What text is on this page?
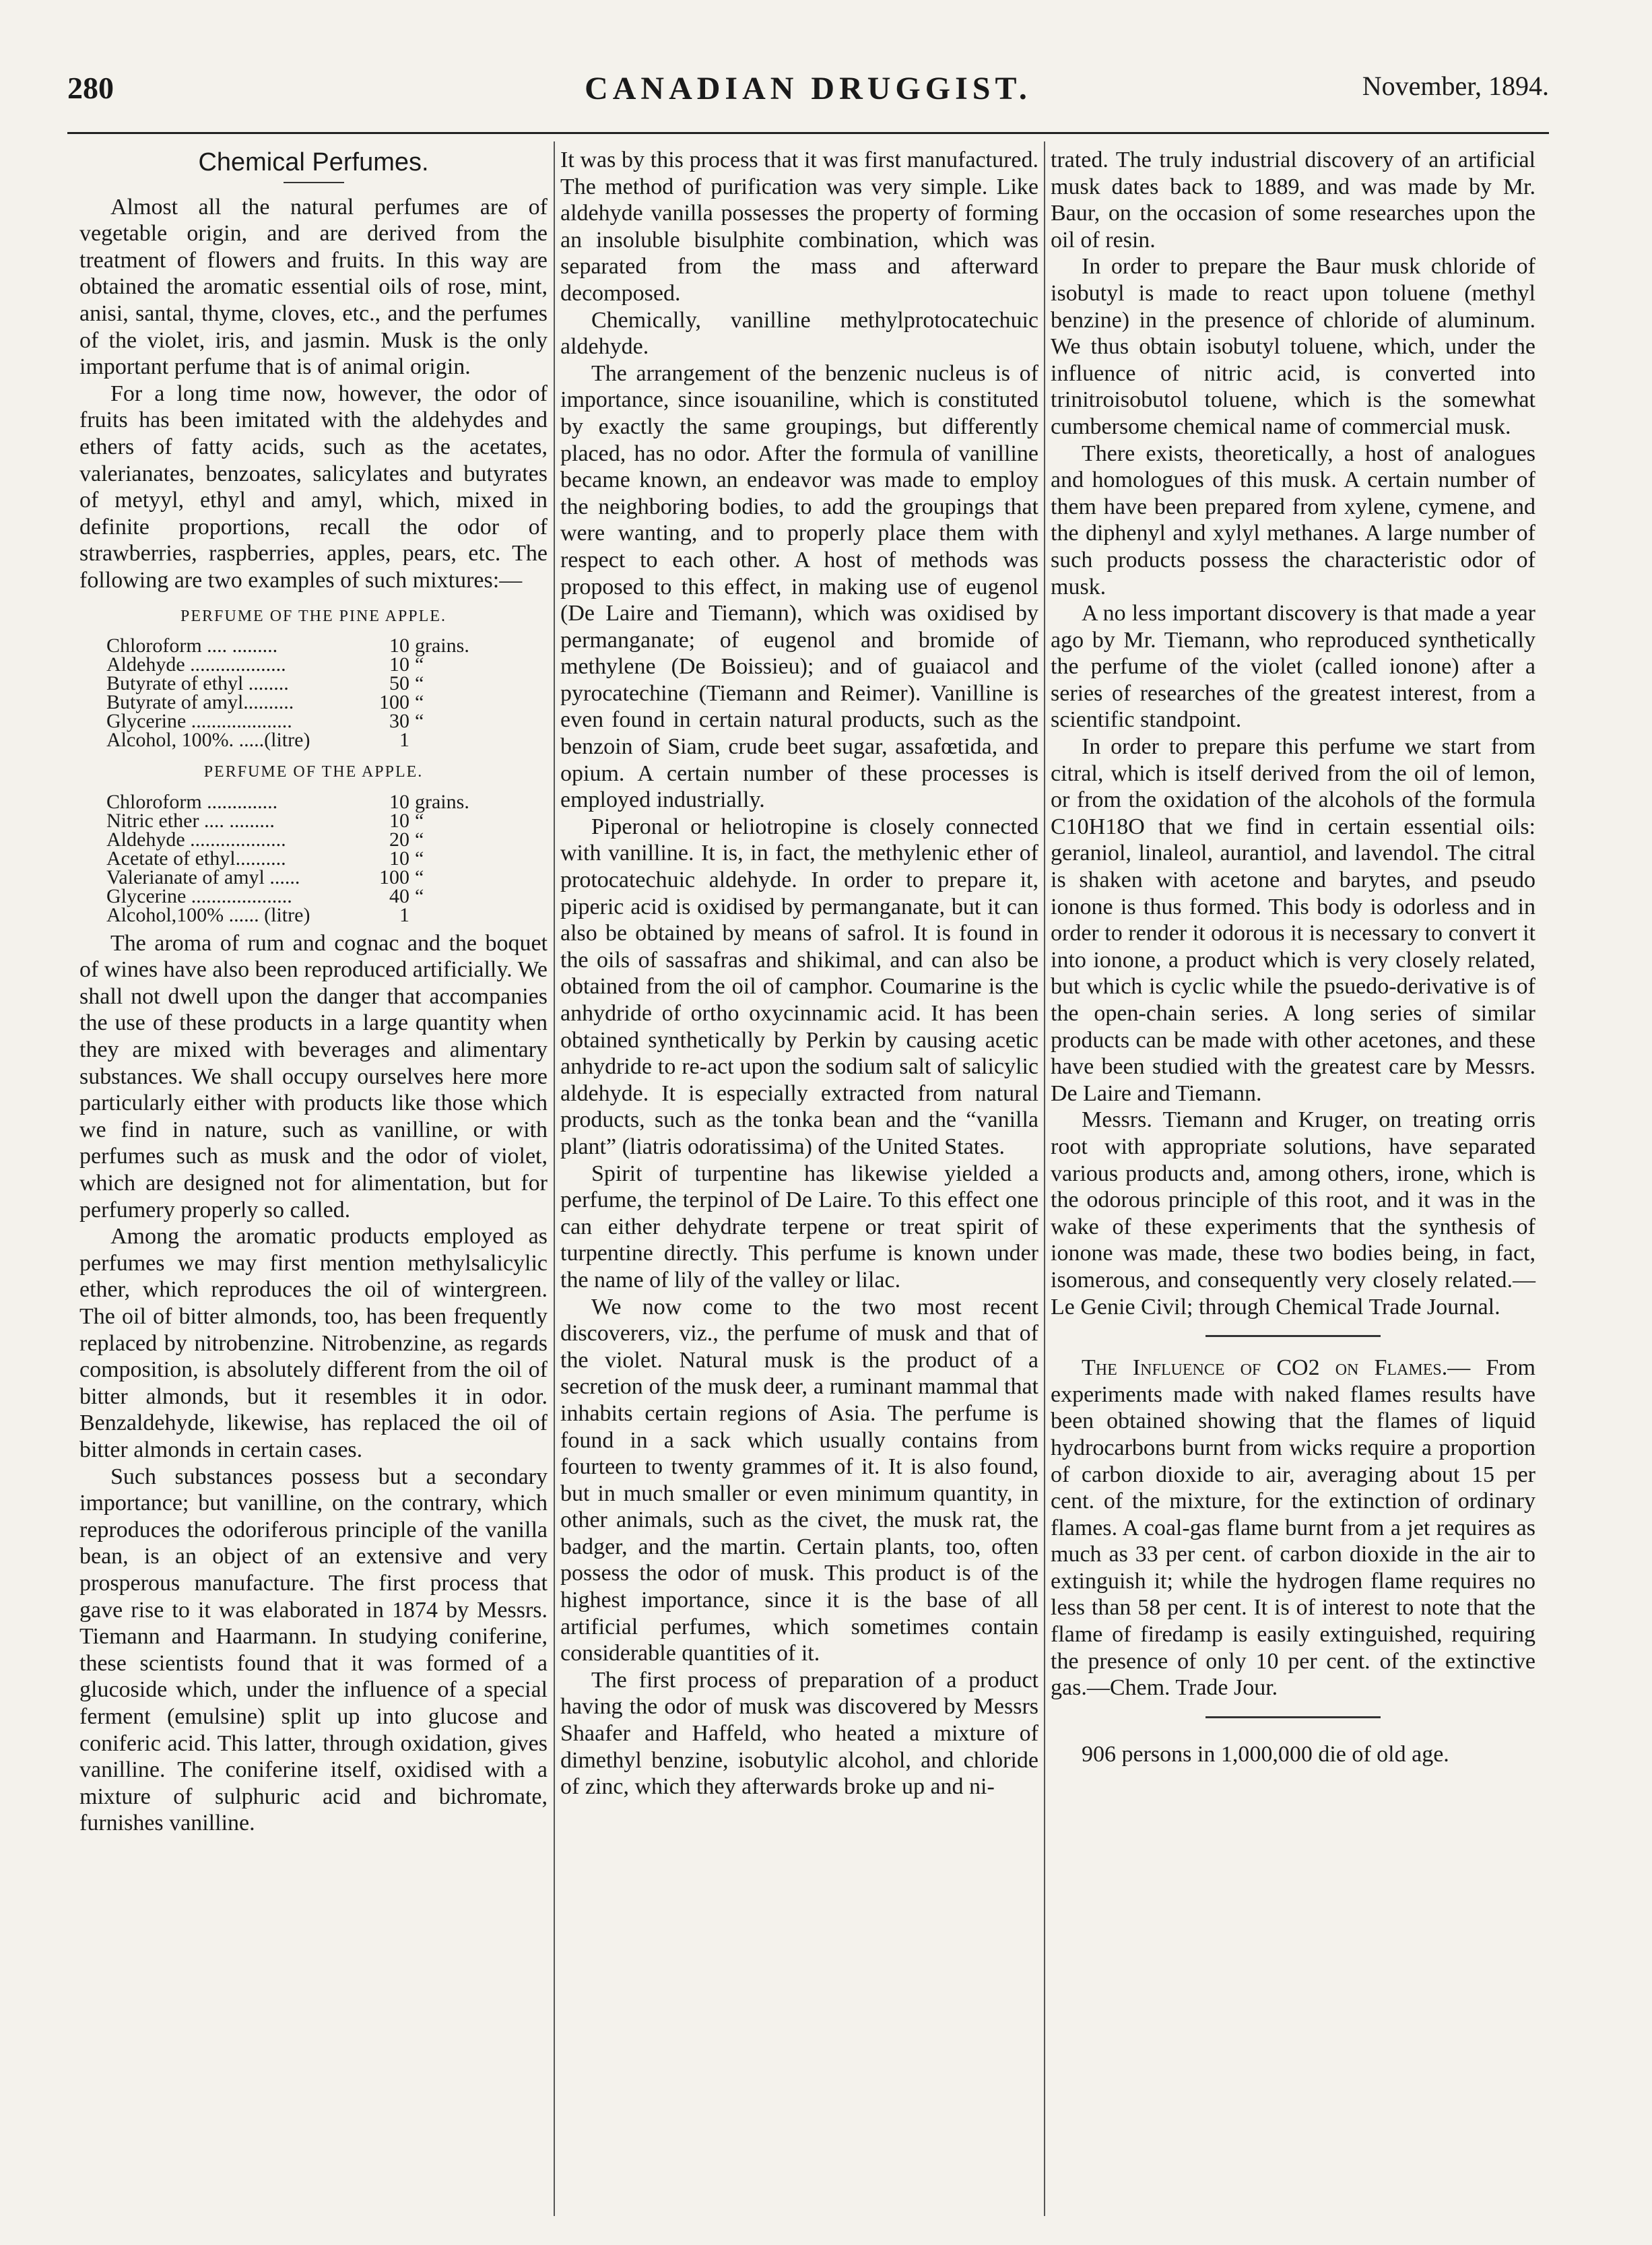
CANADIAN DRUGGIST.
280	November, 1894.

Chemical Perfumes.

Almost all the natural perfumes are of vegetable origin, and are derived from the treatment of flowers and fruits. In this way are obtained the aromatic essential oils of rose, mint, anisi, santal, thyme, cloves, etc., and the perfumes of the violet, iris, and jasmin. Musk is the only important perfume that is of animal origin.

For a long time now, however, the odor of fruits has been imitated with the aldehydes and ethers of fatty acids, such as the acetates, valerianates, benzoates, salicylates and butyrates of metyyl, ethyl and amyl, which, mixed in definite proportions, recall the odor of strawberries, raspberries, apples, pears, etc. The following are two examples of such mixtures:—

PERFUME OF THE PINE APPLE.
Chloroform .... .........	10	grains.
Aldehyde ...................	10	“
Butyrate of ethyl ........	50	“
Butyrate of amyl..........	100	“
Glycerine ....................	30	“
Alcohol, 100%. .....(litre)	1	
PERFUME OF THE APPLE.
Chloroform ..............	10	grains.
Nitric ether .... .........	10	“
Aldehyde ...................	20	“
Acetate of ethyl..........	10	“
Valerianate of amyl ......	100	“
Glycerine ....................	40	“
Alcohol,100% ...... (litre)	1	

The aroma of rum and cognac and the boquet of wines have also been reproduced artificially. We shall not dwell upon the danger that accompanies the use of these products in a large quantity when they are mixed with beverages and alimentary substances. We shall occupy ourselves here more particularly either with products like those which we find in nature, such as vanilline, or with perfumes such as musk and the odor of violet, which are designed not for alimentation, but for perfumery properly so called.

Among the aromatic products employed as perfumes we may first mention methylsalicylic ether, which reproduces the oil of wintergreen. The oil of bitter almonds, too, has been frequently replaced by nitrobenzine. Nitrobenzine, as regards composition, is absolutely different from the oil of bitter almonds, but it resembles it in odor. Benzaldehyde, likewise, has replaced the oil of bitter almonds in certain cases.

Such substances possess but a secondary importance; but vanilline, on the contrary, which reproduces the odoriferous principle of the vanilla bean, is an object of an extensive and very prosperous manufacture. The first process that gave rise to it was elaborated in 1874 by Messrs. Tiemann and Haarmann. In studying coniferine, these scientists found that it was formed of a glucoside which, under the influence of a special ferment (emulsine) split up into glucose and coniferic acid. This latter, through oxidation, gives vanilline. The coniferine itself, oxidised with a mixture of sulphuric acid and bichromate, furnishes vanilline.

It was by this process that it was first manufactured. The method of purification was very simple. Like aldehyde vanilla possesses the property of forming an insoluble bisulphite combination, which was separated from the mass and afterward decomposed.

Chemically, vanilline methylprotocatechuic aldehyde.

The arrangement of the benzenic nucleus is of importance, since isouaniline, which is constituted by exactly the same groupings, but differently placed, has no odor. After the formula of vanilline became known, an endeavor was made to employ the neighboring bodies, to add the groupings that were wanting, and to properly place them with respect to each other. A host of methods was proposed to this effect, in making use of eugenol (De Laire and Tiemann), which was oxidised by permanganate; of eugenol and bromide of methylene (De Boissieu); and of guaiacol and pyrocatechine (Tiemann and Reimer). Vanilline is even found in certain natural products, such as the benzoin of Siam, crude beet sugar, assafœtida, and opium. A certain number of these processes is employed industrially.

Piperonal or heliotropine is closely connected with vanilline. It is, in fact, the methylenic ether of protocatechuic aldehyde. In order to prepare it, piperic acid is oxidised by permanganate, but it can also be obtained by means of safrol. It is found in the oils of sassafras and shikimal, and can also be obtained from the oil of camphor. Coumarine is the anhydride of ortho oxycinnamic acid. It has been obtained synthetically by Perkin by causing acetic anhydride to re-act upon the sodium salt of salicylic aldehyde. It is especially extracted from natural products, such as the tonka bean and the “vanilla plant” (liatris odoratissima) of the United States.

Spirit of turpentine has likewise yielded a perfume, the terpinol of De Laire. To this effect one can either dehydrate terpene or treat spirit of turpentine directly. This perfume is known under the name of lily of the valley or lilac.

We now come to the two most recent discoverers, viz., the perfume of musk and that of the violet. Natural musk is the product of a secretion of the musk deer, a ruminant mammal that inhabits certain regions of Asia. The perfume is found in a sack which usually contains from fourteen to twenty grammes of it. It is also found, but in much smaller or even minimum quantity, in other animals, such as the civet, the musk rat, the badger, and the martin. Certain plants, too, often possess the odor of musk. This product is of the highest importance, since it is the base of all artificial perfumes, which sometimes contain considerable quantities of it.

The first process of preparation of a product having the odor of musk was discovered by Messrs Shaafer and Haffeld, who heated a mixture of dimethyl benzine, isobutylic alcohol, and chloride of zinc, which they afterwards broke up and ni-

trated. The truly industrial discovery of an artificial musk dates back to 1889, and was made by Mr. Baur, on the occasion of some researches upon the oil of resin.

In order to prepare the Baur musk chloride of isobutyl is made to react upon toluene (methyl benzine) in the presence of chloride of aluminum. We thus obtain isobutyl toluene, which, under the influence of nitric acid, is converted into trinitroisobutol toluene, which is the somewhat cumbersome chemical name of commercial musk.

There exists, theoretically, a host of analogues and homologues of this musk. A certain number of them have been prepared from xylene, cymene, and the diphenyl and xylyl methanes. A large number of such products possess the characteristic odor of musk.

A no less important discovery is that made a year ago by Mr. Tiemann, who reproduced synthetically the perfume of the violet (called ionone) after a series of researches of the greatest interest, from a scientific standpoint.

In order to prepare this perfume we start from citral, which is itself derived from the oil of lemon, or from the oxidation of the alcohols of the formula C10H18O that we find in certain essential oils: geraniol, linaleol, aurantiol, and lavendol. The citral is shaken with acetone and barytes, and pseudo ionone is thus formed. This body is odorless and in order to render it odorous it is necessary to convert it into ionone, a product which is very closely related, but which is cyclic while the psuedo-derivative is of the open-chain series. A long series of similar products can be made with other acetones, and these have been studied with the greatest care by Messrs. De Laire and Tiemann.

Messrs. Tiemann and Kruger, on treating orris root with appropriate solutions, have separated various products and, among others, irone, which is the odorous principle of this root, and it was in the wake of these experiments that the synthesis of ionone was made, these two bodies being, in fact, isomerous, and consequently very closely related.—Le Genie Civil; through Chemical Trade Journal.

The Influence of CO2 on Flames.— From experiments made with naked flames results have been obtained showing that the flames of liquid hydrocarbons burnt from wicks require a proportion of carbon dioxide to air, averaging about 15 per cent. of the mixture, for the extinction of ordinary flames. A coal-gas flame burnt from a jet requires as much as 33 per cent. of carbon dioxide in the air to extinguish it; while the hydrogen flame requires no less than 58 per cent. It is of interest to note that the flame of firedamp is easily extinguished, requiring the presence of only 10 per cent. of the extinctive gas.—Chem. Trade Jour.

906 persons in 1,000,000 die of old age.
